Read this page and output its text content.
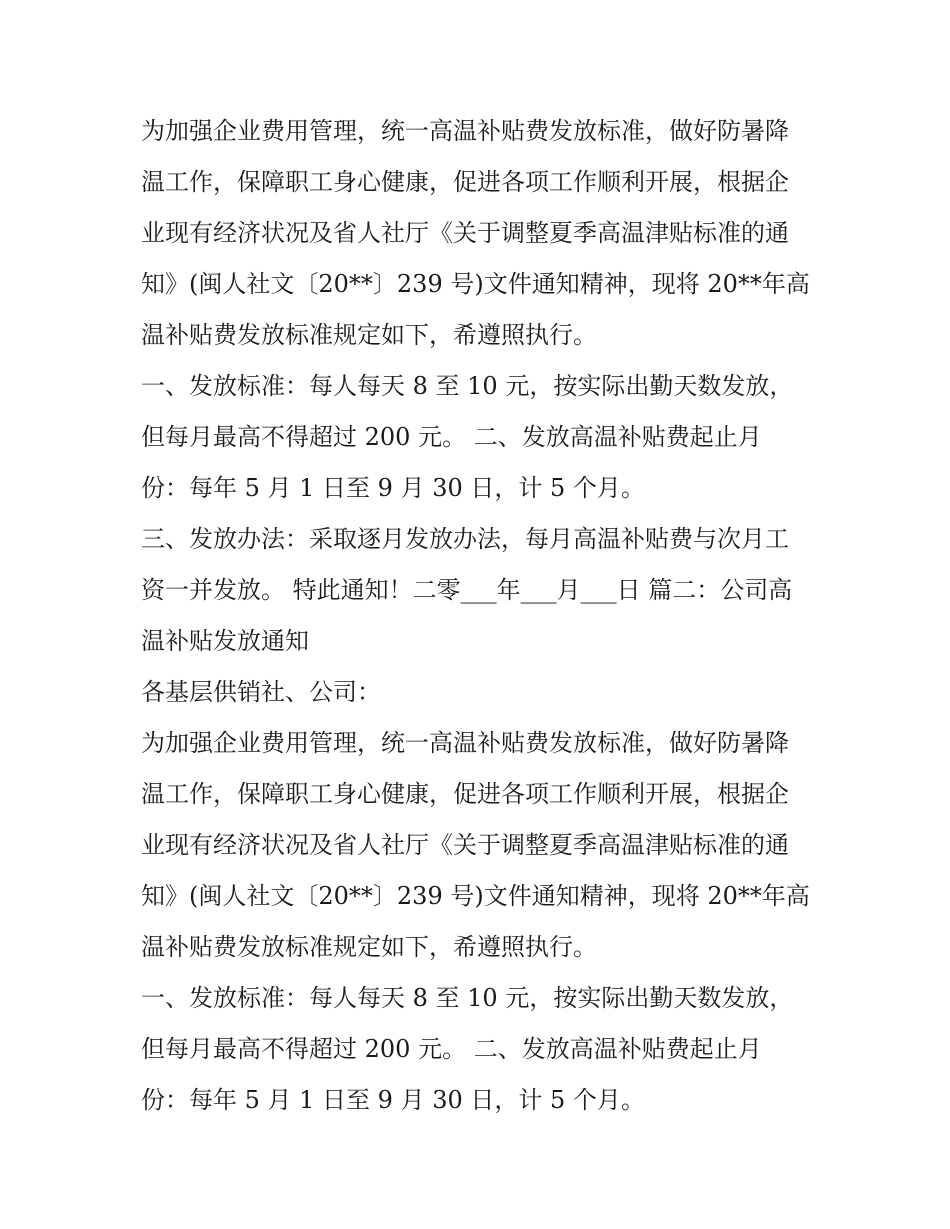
为加强企业费用管理，统一高温补贴费发放标准，做好防暑降
温工作，保障职工身心健康，促进各项工作顺利开展，根据企
业现有经济状况及省人社厅《关于调整夏季高温津贴标准的通
知》(闽人社文〔20**〕239 号)文件通知精神，现将 20**年高
温补贴费发放标准规定如下，希遵照执行。
一、发放标准：每人每天 8 至 10 元，按实际出勤天数发放，
但每月最高不得超过 200 元。 二、发放高温补贴费起止月
份：每年 5 月 1 日至 9 月 30 日，计 5 个月。
三、发放办法：采取逐月发放办法，每月高温补贴费与次月工
资一并发放。 特此通知！二零___年___月___日 篇二：公司高
温补贴发放通知
各基层供销社、公司：
为加强企业费用管理，统一高温补贴费发放标准，做好防暑降
温工作，保障职工身心健康，促进各项工作顺利开展，根据企
业现有经济状况及省人社厅《关于调整夏季高温津贴标准的通
知》(闽人社文〔20**〕239 号)文件通知精神，现将 20**年高
温补贴费发放标准规定如下，希遵照执行。
一、发放标准：每人每天 8 至 10 元，按实际出勤天数发放，
但每月最高不得超过 200 元。 二、发放高温补贴费起止月
份：每年 5 月 1 日至 9 月 30 日，计 5 个月。
